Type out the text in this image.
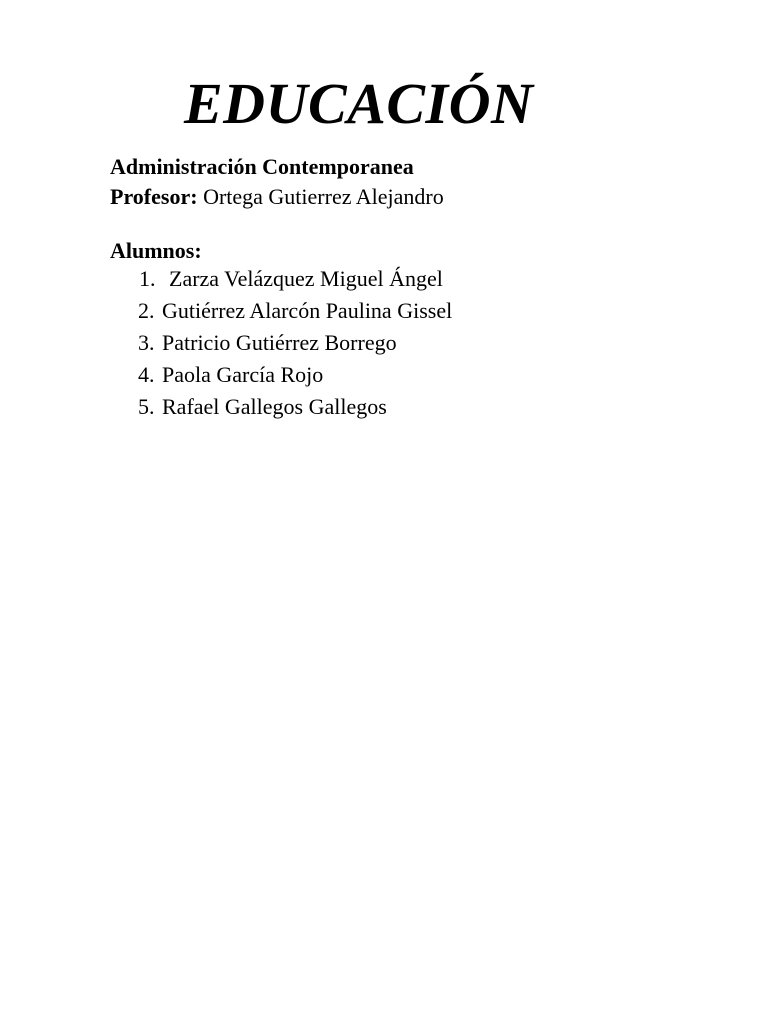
EDUCACIÓN

Administración Contemporanea

Profesor: Ortega Gutierrez Alejandro

Alumnos:

1. Zarza Velázquez Miguel Ángel
2. Gutiérrez Alarcón Paulina Gissel
3. Patricio Gutiérrez Borrego
4. Paola García Rojo
5. Rafael Gallegos Gallegos
